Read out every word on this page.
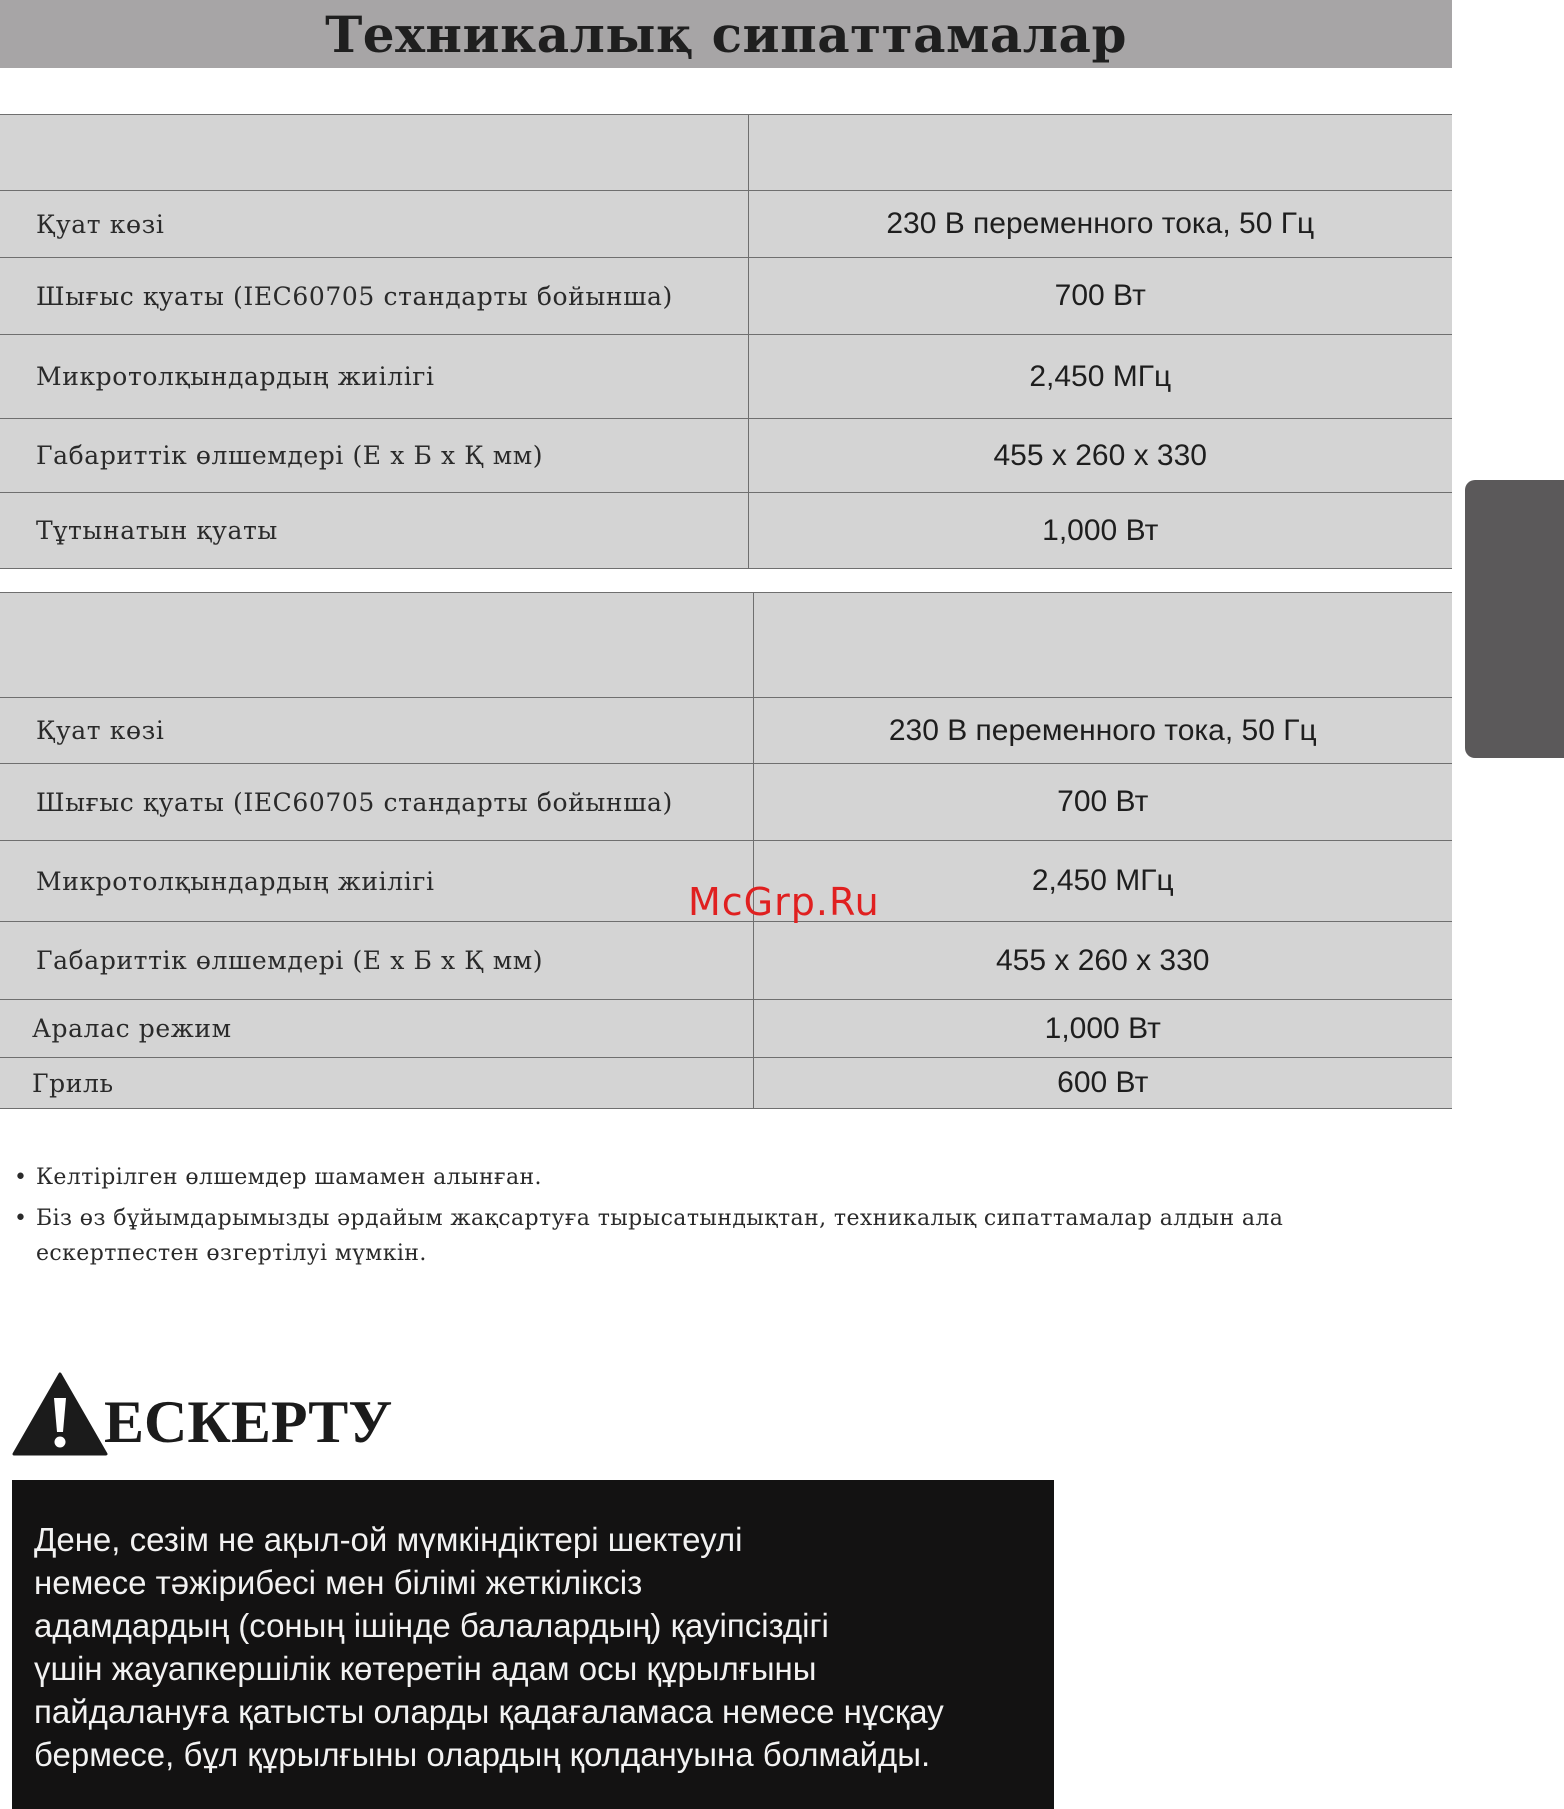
Техникалық сипаттамалар

Қуат көзі	230 В переменного тока, 50 Гц
Шығыс қуаты (IEC60705 стандарты бойынша)	700 Вт
Микротолқындардың жиілігі	2,450 МГц
Габариттік өлшемдері (Е x Б x Қ мм)	455 x 260 x 330
Тұтынатын қуаты	1,000 Вт

Қуат көзі	230 В переменного тока, 50 Гц
Шығыс қуаты (IEC60705 стандарты бойынша)	700 Вт
Микротолқындардың жиілігі	2,450 МГц
Габариттік өлшемдері (Е x Б x Қ мм)	455 x 260 x 330
Аралас режим	1,000 Вт
Гриль	600 Вт
McGrp.Ru
• Келтірілген өлшемдер шамамен алынған.
• Біз өз бұйымдарымызды әрдайым жақсартуға тырысатындықтан, техникалық сипаттамалар алдын ала ескертпестен өзгертілуі мүмкін.
ЕСКЕРТУ
Дене, сезім не ақыл-ой мүмкіндіктері шектеулі
немесе тәжірибесі мен білімі жеткіліксіз
адамдардың (соның ішінде балалардың) қауіпсіздігі
үшін жауапкершілік көтеретін адам осы құрылғыны
пайдалануға қатысты оларды қадағаламаса немесе нұсқау
бермесе, бұл құрылғыны олардың қолдануына болмайды.
